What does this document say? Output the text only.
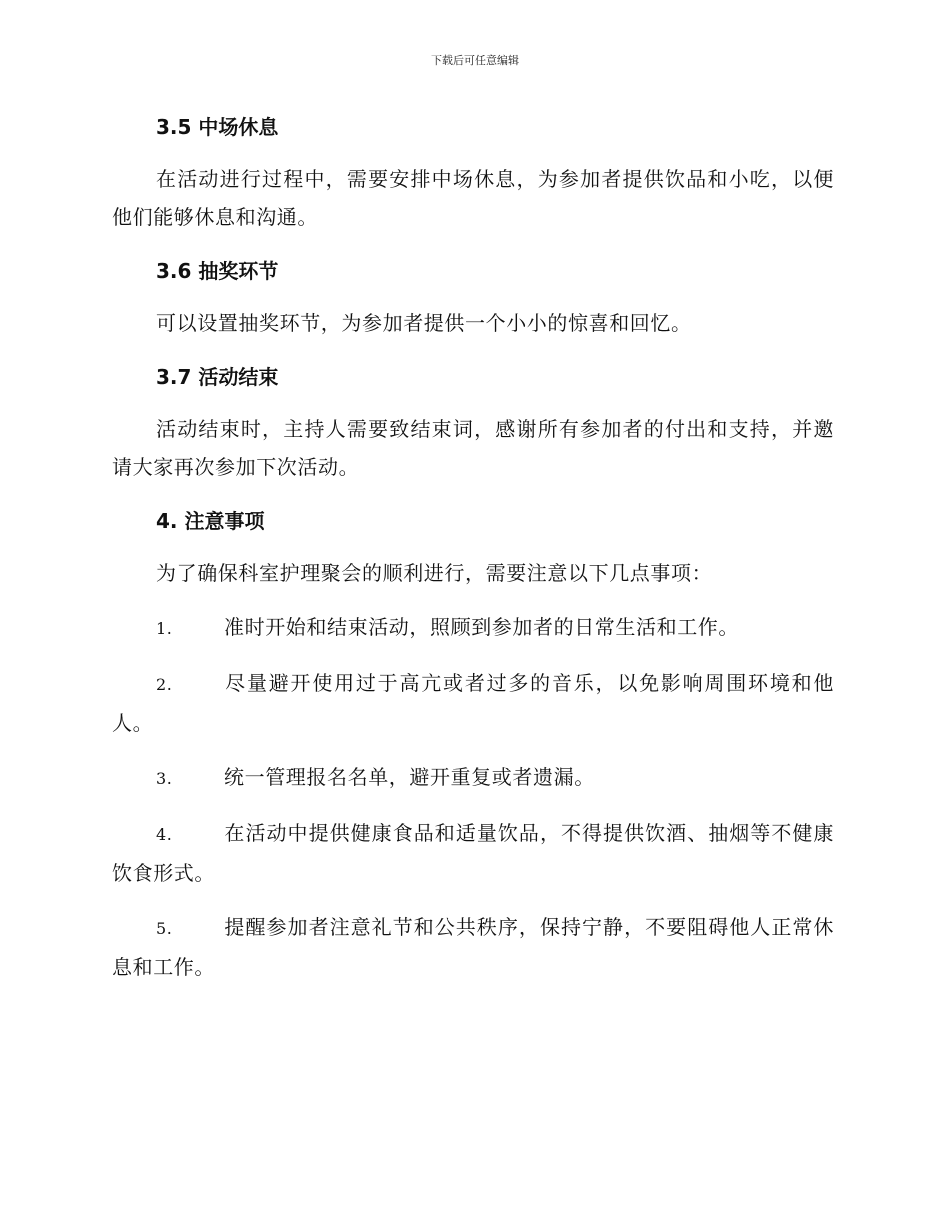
下载后可任意编辑
3.5 中场休息

在活动进行过程中，需要安排中场休息，为参加者提供饮品和小吃，以便他们能够休息和沟通。

3.6 抽奖环节

可以设置抽奖环节，为参加者提供一个小小的惊喜和回忆。

3.7 活动结束

活动结束时，主持人需要致结束词，感谢所有参加者的付出和支持，并邀请大家再次参加下次活动。

4. 注意事项

为了确保科室护理聚会的顺利进行，需要注意以下几点事项：

1.	准时开始和结束活动，照顾到参加者的日常生活和工作。

2.	尽量避开使用过于高亢或者过多的音乐，以免影响周围环境和他人。

3.	统一管理报名名单，避开重复或者遗漏。

4.	在活动中提供健康食品和适量饮品，不得提供饮酒、抽烟等不健康饮食形式。

5.	提醒参加者注意礼节和公共秩序，保持宁静，不要阻碍他人正常休息和工作。
